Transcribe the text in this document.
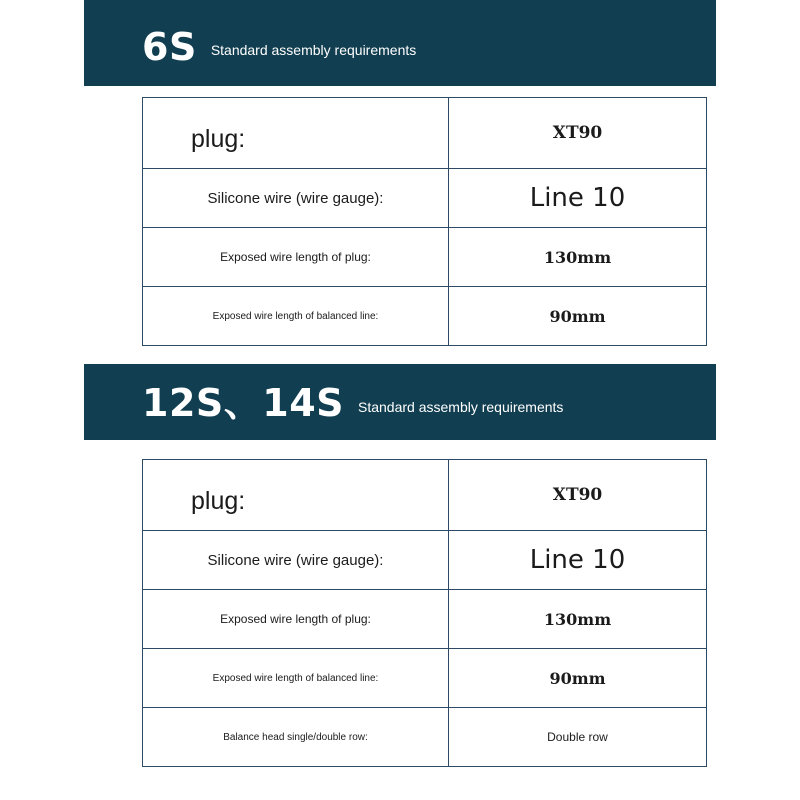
6S Standard assembly requirements
plug:	XT90
Silicone wire (wire gauge):	Line 10
Exposed wire length of plug:	130mm
Exposed wire length of balanced line:	90mm
12S、14S Standard assembly requirements
plug:	XT90
Silicone wire (wire gauge):	Line 10
Exposed wire length of plug:	130mm
Exposed wire length of balanced line:	90mm
Balance head single/double row:	Double row
